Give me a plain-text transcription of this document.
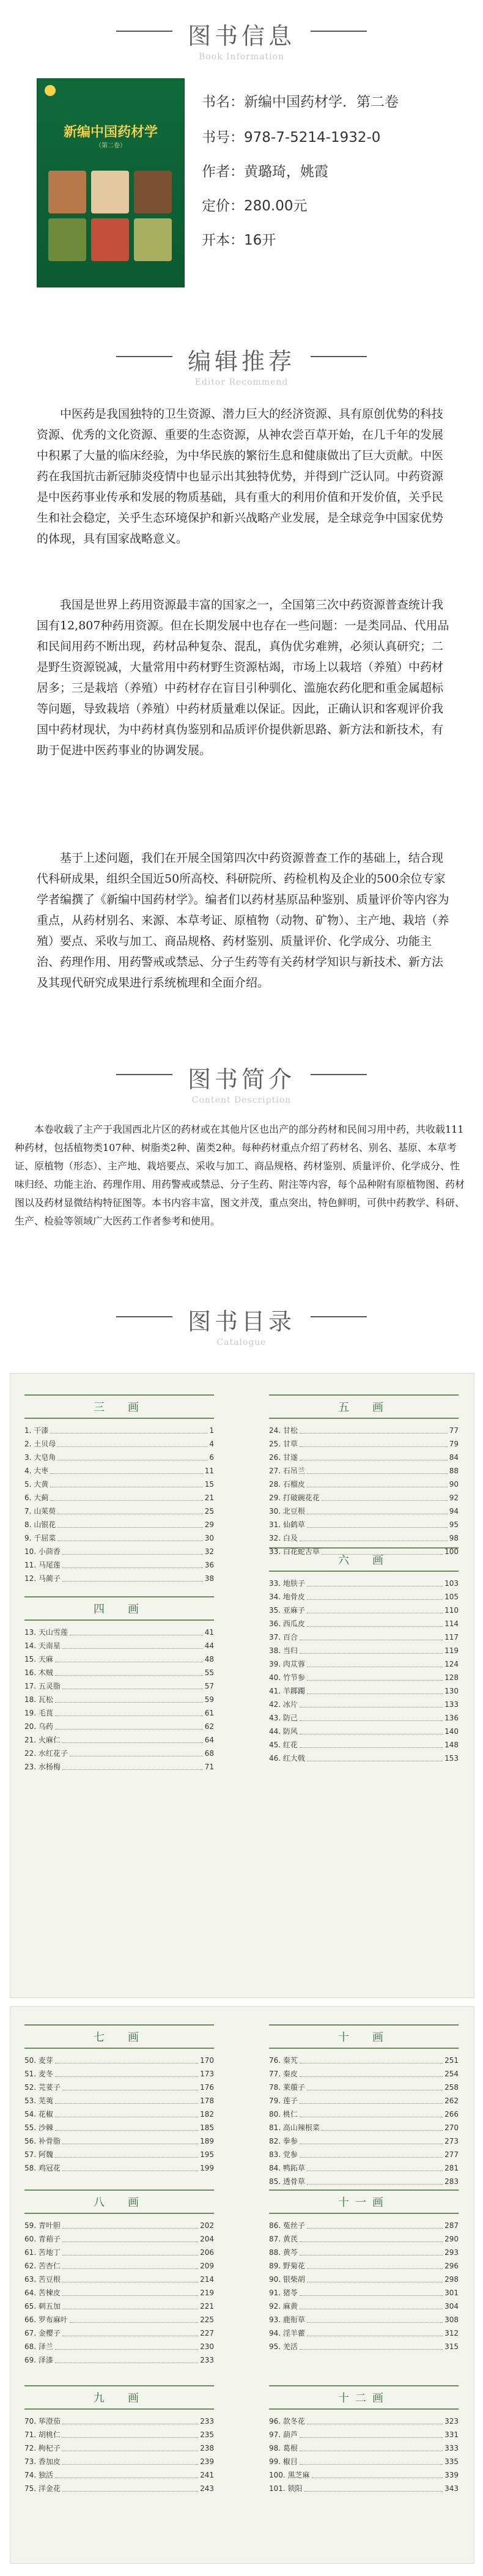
图书信息
Book Information
新编中国药材学
（第二卷）
书名：新编中国药材学．第二卷
书号：978-7-5214-1932-0
作者：黄璐琦，姚霞
定价：280.00元
开本：16开
编辑推荐
Editor Recommend
中医药是我国独特的卫生资源、潜力巨大的经济资源、具有原创优势的科技资源、优秀的文化资源、重要的生态资源，从神农尝百草开始，在几千年的发展中积累了大量的临床经验，为中华民族的繁衍生息和健康做出了巨大贡献。中医药在我国抗击新冠肺炎疫情中也显示出其独特优势，并得到广泛认同。中药资源是中医药事业传承和发展的物质基础，具有重大的利用价值和开发价值，关乎民生和社会稳定，关乎生态环境保护和新兴战略产业发展，是全球竞争中国家优势的体现，具有国家战略意义。
我国是世界上药用资源最丰富的国家之一，全国第三次中药资源普查统计我国有12,807种药用资源。但在长期发展中也存在一些问题：一是类同品、代用品和民间用药不断出现，药材品种复杂、混乱，真伪优劣难辨，必须认真研究；二是野生资源锐减，大量常用中药材野生资源枯竭，市场上以栽培（养殖）中药材居多；三是栽培（养殖）中药材存在盲目引种驯化、滥施农药化肥和重金属超标等问题，导致栽培（养殖）中药材质量难以保证。因此，正确认识和客观评价我国中药材现状，为中药材真伪鉴别和品质评价提供新思路、新方法和新技术，有助于促进中医药事业的协调发展。
基于上述问题，我们在开展全国第四次中药资源普查工作的基础上，结合现代科研成果，组织全国近50所高校、科研院所、药检机构及企业的500余位专家学者编撰了《新编中国药材学》。编者们以药材基原品种鉴别、质量评价等内容为重点，从药材别名、来源、本草考证、原植物（动物、矿物）、主产地、栽培（养殖）要点、采收与加工、商品规格、药材鉴别、质量评价、化学成分、功能主治、药理作用、用药警戒或禁忌、分子生药等有关药材学知识与新技术、新方法及其现代研究成果进行系统梳理和全面介绍。
图书简介
Content Description
本卷收载了主产于我国西北片区的药材或在其他片区也出产的部分药材和民间习用中药，共收载111种药材，包括植物类107种、树脂类2种、菌类2种。每种药材重点介绍了药材名、别名、基原、本草考证、原植物（形态）、主产地、栽培要点、采收与加工、商品规格、药材鉴别、质量评价、化学成分、性味归经、功能主治、药理作用、用药警戒或禁忌、分子生药、附注等内容，每个品种附有原植物图、药材图以及药材显微结构特征图等。本书内容丰富，图文并茂，重点突出，特色鲜明，可供中药教学、科研、生产、检验等领域广大医药工作者参考和使用。
图书目录
Catalogue
三　画
1. 干漆	1
2. 土贝母	4
3. 大皂角	6
4. 大枣	11
5. 大黄	15
6. 大蓟	21
7. 山茱萸	25
8. 山银花	29
9. 千屈菜	30
10. 小茴香	32
11. 马尾莲	36
12. 马蔺子	38
五　画
24. 甘松	77
25. 甘草	79
26. 甘遂	84
27. 石吊兰	88
28. 石榴皮	90
29. 打破碗花花	92
30. 北豆根	94
31. 仙鹤草	95
32. 白及	98
33. 白花蛇舌草	100
四　画
13. 天山雪莲	41
14. 天南星	44
15. 天麻	48
16. 木贼	55
17. 五灵脂	57
18. 瓦松	59
19. 毛茛	61
20. 乌药	62
21. 火麻仁	64
22. 水红花子	68
23. 水杨梅	71
六　画
33. 地肤子	103
34. 地骨皮	105
35. 亚麻子	110
36. 西瓜皮	114
37. 百合	117
38. 当归	119
39. 肉苁蓉	124
40. 竹节参	128
41. 羊踯躅	130
42. 冰片	133
43. 防己	136
44. 防风	140
45. 红花	148
46. 红大戟	153
七　画
50. 麦芽	170
51. 麦冬	173
52. 芫荽子	176
53. 芜荑	178
54. 花椒	182
55. 沙棘	185
56. 补骨脂	189
57. 阿魏	195
58. 鸡冠花	199
十　画
76. 秦艽	251
77. 秦皮	254
78. 莱菔子	258
79. 莲子	262
80. 桃仁	266
81. 高山辣根菜	270
82. 拳参	273
83. 党参	277
84. 鸭跖草	281
85. 透骨草	283
八　画
59. 青叶胆	202
60. 青葙子	204
61. 苦地丁	206
62. 苦杏仁	209
63. 苦豆根	214
64. 苦楝皮	219
65. 刺五加	221
66. 罗布麻叶	225
67. 金樱子	227
68. 泽兰	230
69. 泽漆	233
十一画
86. 菟丝子	287
87. 黄芪	290
88. 黄芩	293
89. 野菊花	296
90. 银柴胡	298
91. 猪苓	301
92. 麻黄	304
93. 鹿衔草	308
94. 淫羊藿	312
95. 羌活	315
九　画
70. 荜澄茄	233
71. 胡桃仁	235
72. 枸杞子	238
73. 香加皮	239
74. 独活	241
75. 洋金花	243
十二画
96. 款冬花	323
97. 葫芦	331
98. 葛根	333
99. 椒目	335
100. 黑芝麻	339
101. 锁阳	343
